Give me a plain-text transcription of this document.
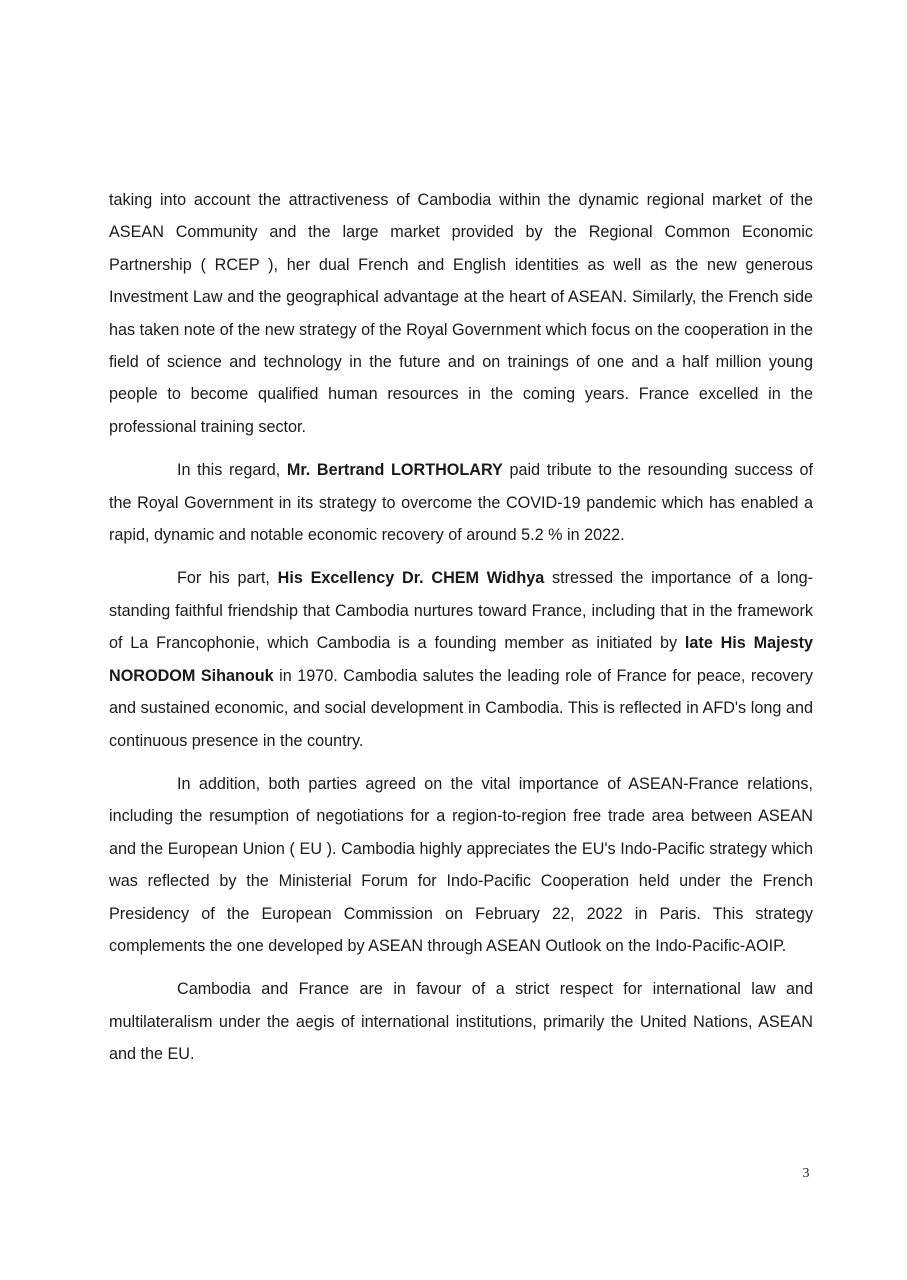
taking into account the attractiveness of Cambodia within the dynamic regional market of the ASEAN Community and the large market provided by the Regional Common Economic Partnership ( RCEP ), her dual French and English identities as well as the new generous Investment Law and the geographical advantage at the heart of ASEAN. Similarly, the French side has taken note of the new strategy of the Royal Government which focus on the cooperation in the field of science and technology in the future and on trainings of one and a half million young people to become qualified human resources in the coming years. France excelled in the professional training sector.

In this regard, Mr. Bertrand LORTHOLARY paid tribute to the resounding success of the Royal Government in its strategy to overcome the COVID-19 pandemic which has enabled a rapid, dynamic and notable economic recovery of around 5.2 % in 2022.

For his part, His Excellency Dr. CHEM Widhya stressed the importance of a long-standing faithful friendship that Cambodia nurtures toward France, including that in the framework of La Francophonie, which Cambodia is a founding member as initiated by late His Majesty NORODOM Sihanouk in 1970. Cambodia salutes the leading role of France for peace, recovery and sustained economic, and social development in Cambodia. This is reflected in AFD's long and continuous presence in the country.

In addition, both parties agreed on the vital importance of ASEAN-France relations, including the resumption of negotiations for a region-to-region free trade area between ASEAN and the European Union ( EU ). Cambodia highly appreciates the EU's Indo-Pacific strategy which was reflected by the Ministerial Forum for Indo-Pacific Cooperation held under the French Presidency of the European Commission on February 22, 2022 in Paris. This strategy complements the one developed by ASEAN through ASEAN Outlook on the Indo-Pacific-AOIP.

Cambodia and France are in favour of a strict respect for international law and multilateralism under the aegis of international institutions, primarily the United Nations, ASEAN and the EU.

3
